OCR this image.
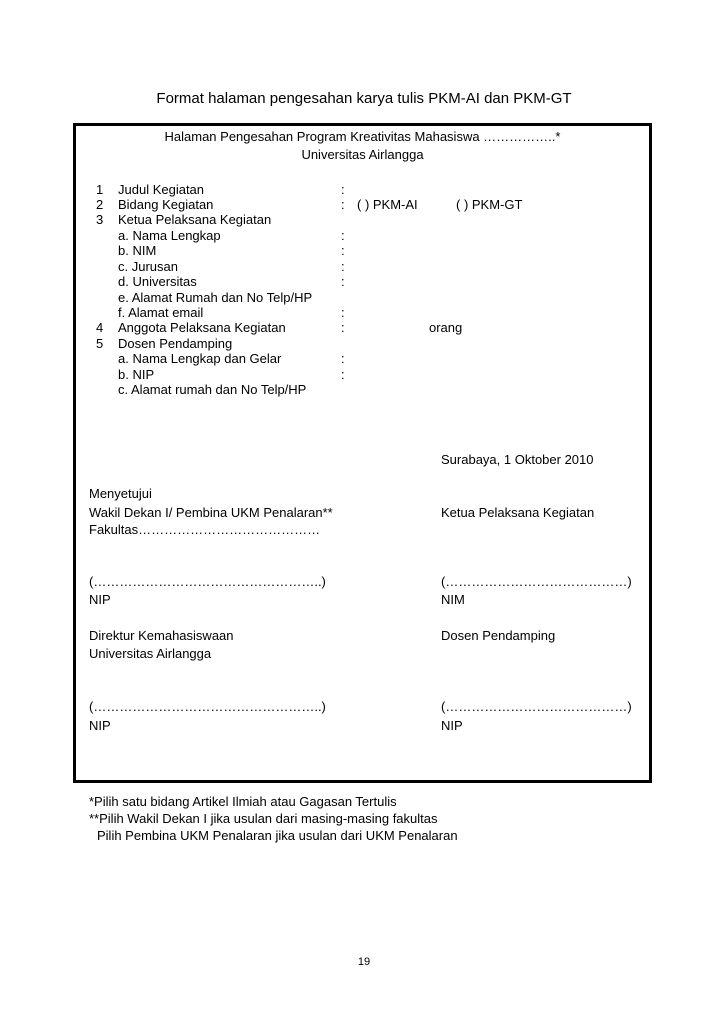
Format halaman pengesahan karya tulis PKM-AI dan PKM-GT
Halaman Pengesahan Program Kreativitas Mahasiswa ……………..*
Universitas Airlangga
1 Judul Kegiatan	:
2 Bidang Kegiatan	: ( ) PKM-AI	( ) PKM-GT
3 Ketua Pelaksana Kegiatan
a. Nama Lengkap	:
b. NIM	:
c. Jurusan	:
d. Universitas	:
e. Alamat Rumah dan No Telp/HP
f. Alamat email	:
4 Anggota Pelaksana Kegiatan	:	orang
5 Dosen Pendamping
a. Nama Lengkap dan Gelar	:
b. NIP	:
c. Alamat rumah dan No Telp/HP
Surabaya, 1 Oktober 2010
Menyetujui
Wakil Dekan I/ Pembina UKM Penalaran**	Ketua Pelaksana Kegiatan
Fakultas……………………………………
(……………………………………………..)	(……………………………………)
NIP	NIM
Direktur Kemahasiswaan	Dosen Pendamping
Universitas Airlangga
(……………………………………………..)	(……………………………………)
NIP	NIP
*Pilih satu bidang Artikel Ilmiah atau Gagasan Tertulis
**Pilih Wakil Dekan I jika usulan dari masing-masing fakultas
Pilih Pembina UKM Penalaran jika usulan dari UKM Penalaran
19
